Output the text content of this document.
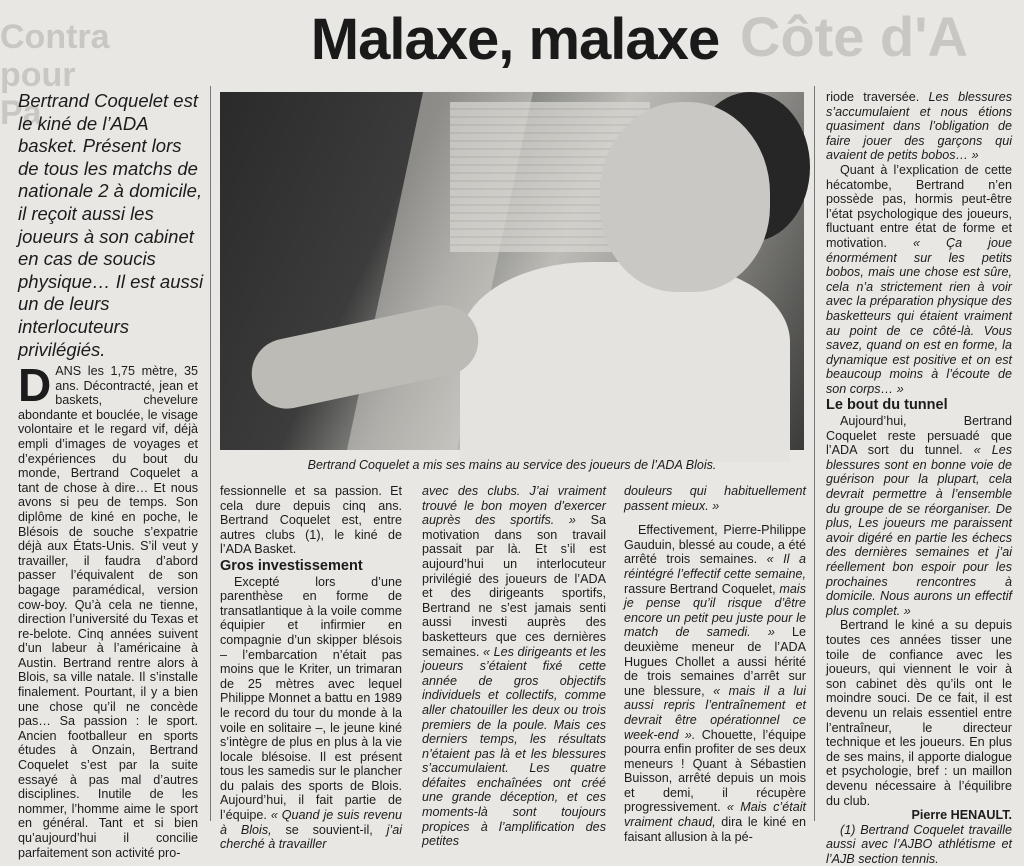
Contra pour Pa
Côte d'A
Malaxe, malaxe

Bertrand Coquelet est le kiné de l’ADA basket. Présent lors de tous les matchs de nationale 2 à domicile, il reçoit aussi les joueurs à son cabinet en cas de soucis physique… Il est aussi un de leurs interlocuteurs privilégiés.

Bertrand Coquelet a mis ses mains au service des joueurs de l’ADA Blois.

DANS les 1,75 mètre, 35 ans. Décontracté, jean et baskets, chevelure abondante et bouclée, le visage volontaire et le regard vif, déjà empli d’images de voyages et d’expériences du bout du monde, Bertrand Coquelet a tant de chose à dire… Et nous avons si peu de temps. Son diplôme de kiné en poche, le Blésois de souche s’expatrie déjà aux États-Unis. S’il veut y travailler, il faudra d’abord passer l’équivalent de son bagage paramédical, version cow-boy. Qu’à cela ne tienne, direction l’université du Texas et re-belote. Cinq années suivent d’un labeur à l’américaine à Austin. Bertrand rentre alors à Blois, sa ville natale. Il s’installe finalement. Pourtant, il y a bien une chose qu’il ne concède pas… Sa passion : le sport. Ancien footballeur en sports études à Onzain, Bertrand Coquelet s’est par la suite essayé à pas mal d’autres disciplines. Inutile de les nommer, l’homme aime le sport en général. Tant et si bien qu’aujourd’hui il concilie parfaitement son activité pro-

fessionnelle et sa passion. Et cela dure depuis cinq ans. Bertrand Coquelet est, entre autres clubs (1), le kiné de l’ADA Basket.

Gros investissement

Excepté lors d’une parenthèse en forme de transatlantique à la voile comme équipier et infirmier en compagnie d’un skipper blésois – l’embarcation n’était pas moins que le Kriter, un trimaran de 25 mètres avec lequel Philippe Monnet a battu en 1989 le record du tour du monde à la voile en solitaire –, le jeune kiné s’intègre de plus en plus à la vie locale blésoise. Il est présent tous les samedis sur le plancher du palais des sports de Blois. Aujourd’hui, il fait partie de l’équipe. « Quand je suis revenu à Blois, se souvient-il, j’ai cherché à travailler

avec des clubs. J’ai vraiment trouvé le bon moyen d’exercer auprès des sportifs. » Sa motivation dans son travail passait par là. Et s’il est aujourd’hui un interlocuteur privilégié des joueurs de l’ADA et des dirigeants sportifs, Bertrand ne s’est jamais senti aussi investi auprès des basketteurs que ces dernières semaines. « Les dirigeants et les joueurs s’étaient fixé cette année de gros objectifs individuels et collectifs, comme aller chatouiller les deux ou trois premiers de la poule. Mais ces derniers temps, les résultats n’étaient pas là et les blessures s’accumulaient. Les quatre défaites enchaînées ont créé une grande déception, et ces moments-là sont toujours propices à l’amplification des petites

douleurs qui habituellement passent mieux. »

Effectivement, Pierre-Philippe Gauduin, blessé au coude, a été arrêté trois semaines. « Il a réintégré l’effectif cette semaine, rassure Bertrand Coquelet, mais je pense qu’il risque d’être encore un petit peu juste pour le match de samedi. » Le deuxième meneur de l’ADA Hugues Chollet a aussi hérité de trois semaines d’arrêt sur une blessure, « mais il a lui aussi repris l’entraînement et devrait être opérationnel ce week-end ». Chouette, l’équipe pourra enfin profiter de ses deux meneurs ! Quant à Sébastien Buisson, arrêté depuis un mois et demi, il récupère progressivement. « Mais c’était vraiment chaud, dira le kiné en faisant allusion à la pé-

riode traversée. Les blessures s’accumulaient et nous étions quasiment dans l’obligation de faire jouer des garçons qui avaient de petits bobos… »

Quant à l’explication de cette hécatombe, Bertrand n’en possède pas, hormis peut-être l’état psychologique des joueurs, fluctuant entre état de forme et motivation. « Ça joue énormément sur les petits bobos, mais une chose est sûre, cela n’a strictement rien à voir avec la préparation physique des basketteurs qui étaient vraiment au point de ce côté-là. Vous savez, quand on est en forme, la dynamique est positive et on est beaucoup moins à l’écoute de son corps… »

Le bout du tunnel

Aujourd’hui, Bertrand Coquelet reste persuadé que l’ADA sort du tunnel. « Les blessures sont en bonne voie de guérison pour la plupart, cela devrait permettre à l’ensemble du groupe de se réorganiser. De plus, Les joueurs me paraissent avoir digéré en partie les échecs des dernières semaines et j’ai réellement bon espoir pour les prochaines rencontres à domicile. Nous aurons un effectif plus complet. »

Bertrand le kiné a su depuis toutes ces années tisser une toile de confiance avec les joueurs, qui viennent le voir à son cabinet dès qu’ils ont le moindre souci. De ce fait, il est devenu un relais essentiel entre l’entraîneur, le directeur technique et les joueurs. En plus de ses mains, il apporte dialogue et psychologie, bref : un maillon devenu nécessaire à l’équilibre du club.

Pierre HENAULT.

(1) Bertrand Coquelet travaille aussi avec l’AJBO athlétisme et l’AJB section tennis.
